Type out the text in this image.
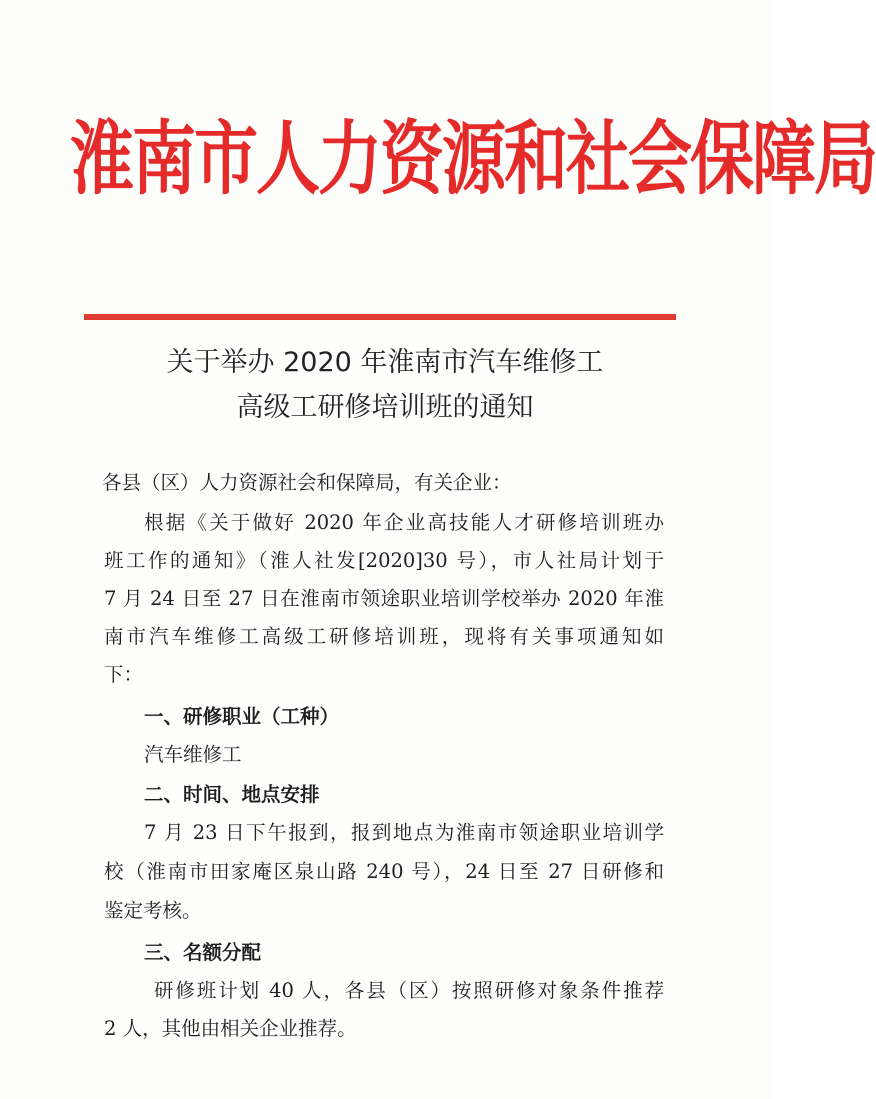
淮南市人力资源和社会保障局
关于举办 2020 年淮南市汽车维修工
高级工研修培训班的通知
各县（区）人力资源社会和保障局，有关企业：
根据《关于做好 2020 年企业高技能人才研修培训班办
班工作的通知》（淮人社发[2020]30 号），市人社局计划于
7 月 24 日至 27 日在淮南市领途职业培训学校举办 2020 年淮
南市汽车维修工高级工研修培训班，现将有关事项通知如
下：
一、研修职业（工种）
汽车维修工
二、时间、地点安排
7 月 23 日下午报到，报到地点为淮南市领途职业培训学
校（淮南市田家庵区泉山路 240 号），24 日至 27 日研修和
鉴定考核。
三、名额分配
研修班计划 40 人，各县（区）按照研修对象条件推荐
2 人，其他由相关企业推荐。
